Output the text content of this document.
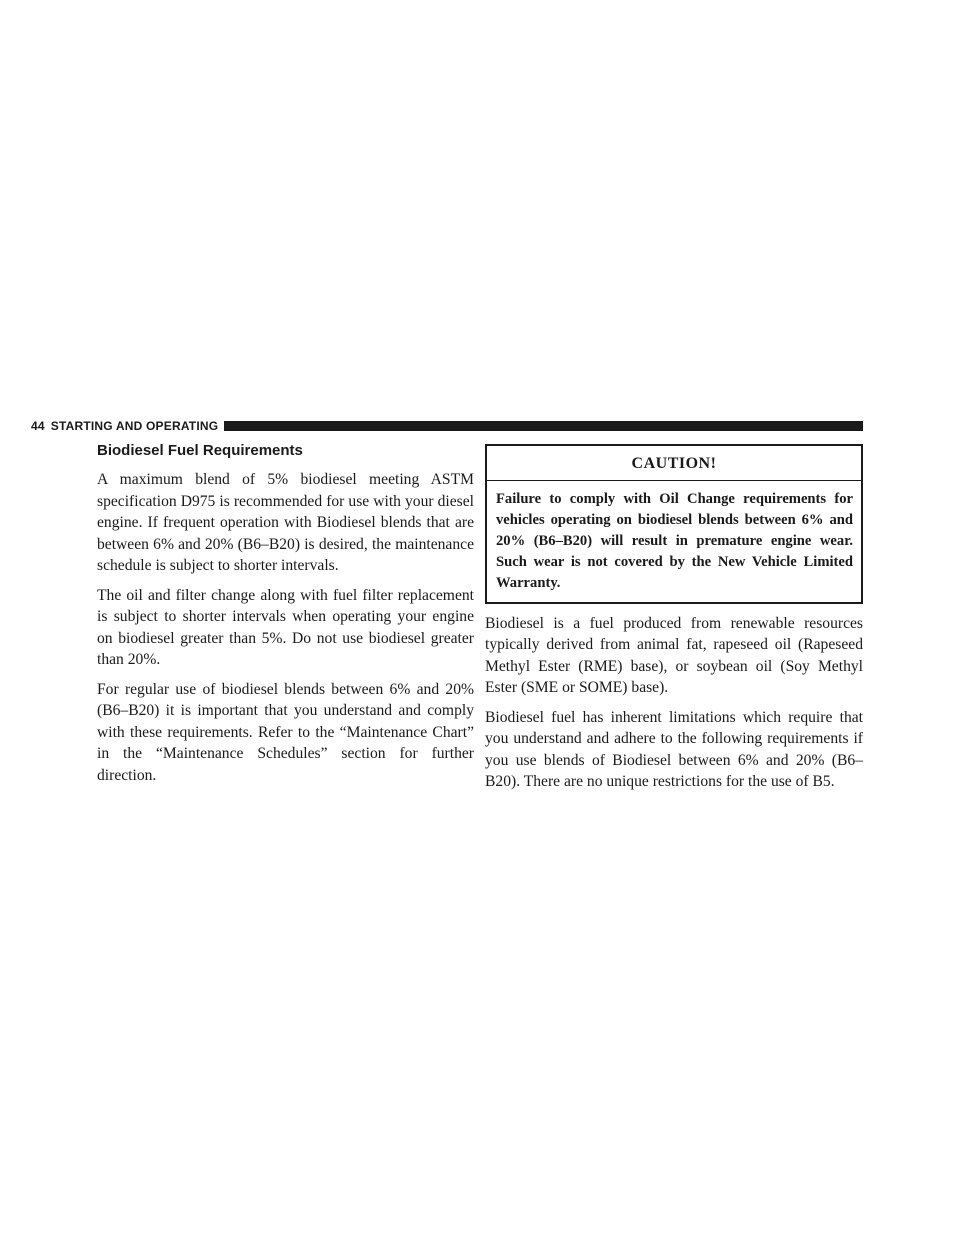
44 STARTING AND OPERATING
Biodiesel Fuel Requirements

A maximum blend of 5% biodiesel meeting ASTM specification D975 is recommended for use with your diesel engine. If frequent operation with Biodiesel blends that are between 6% and 20% (B6–B20) is desired, the maintenance schedule is subject to shorter intervals.

The oil and filter change along with fuel filter replacement is subject to shorter intervals when operating your engine on biodiesel greater than 5%. Do not use biodiesel greater than 20%.

For regular use of biodiesel blends between 6% and 20% (B6–B20) it is important that you understand and comply with these requirements. Refer to the “Maintenance Chart” in the “Maintenance Schedules” section for further direction.

CAUTION!
Failure to comply with Oil Change requirements for vehicles operating on biodiesel blends between 6% and 20% (B6–B20) will result in premature engine wear. Such wear is not covered by the New Vehicle Limited Warranty.

Biodiesel is a fuel produced from renewable resources typically derived from animal fat, rapeseed oil (Rapeseed Methyl Ester (RME) base), or soybean oil (Soy Methyl Ester (SME or SOME) base).

Biodiesel fuel has inherent limitations which require that you understand and adhere to the following requirements if you use blends of Biodiesel between 6% and 20% (B6–B20). There are no unique restrictions for the use of B5.
